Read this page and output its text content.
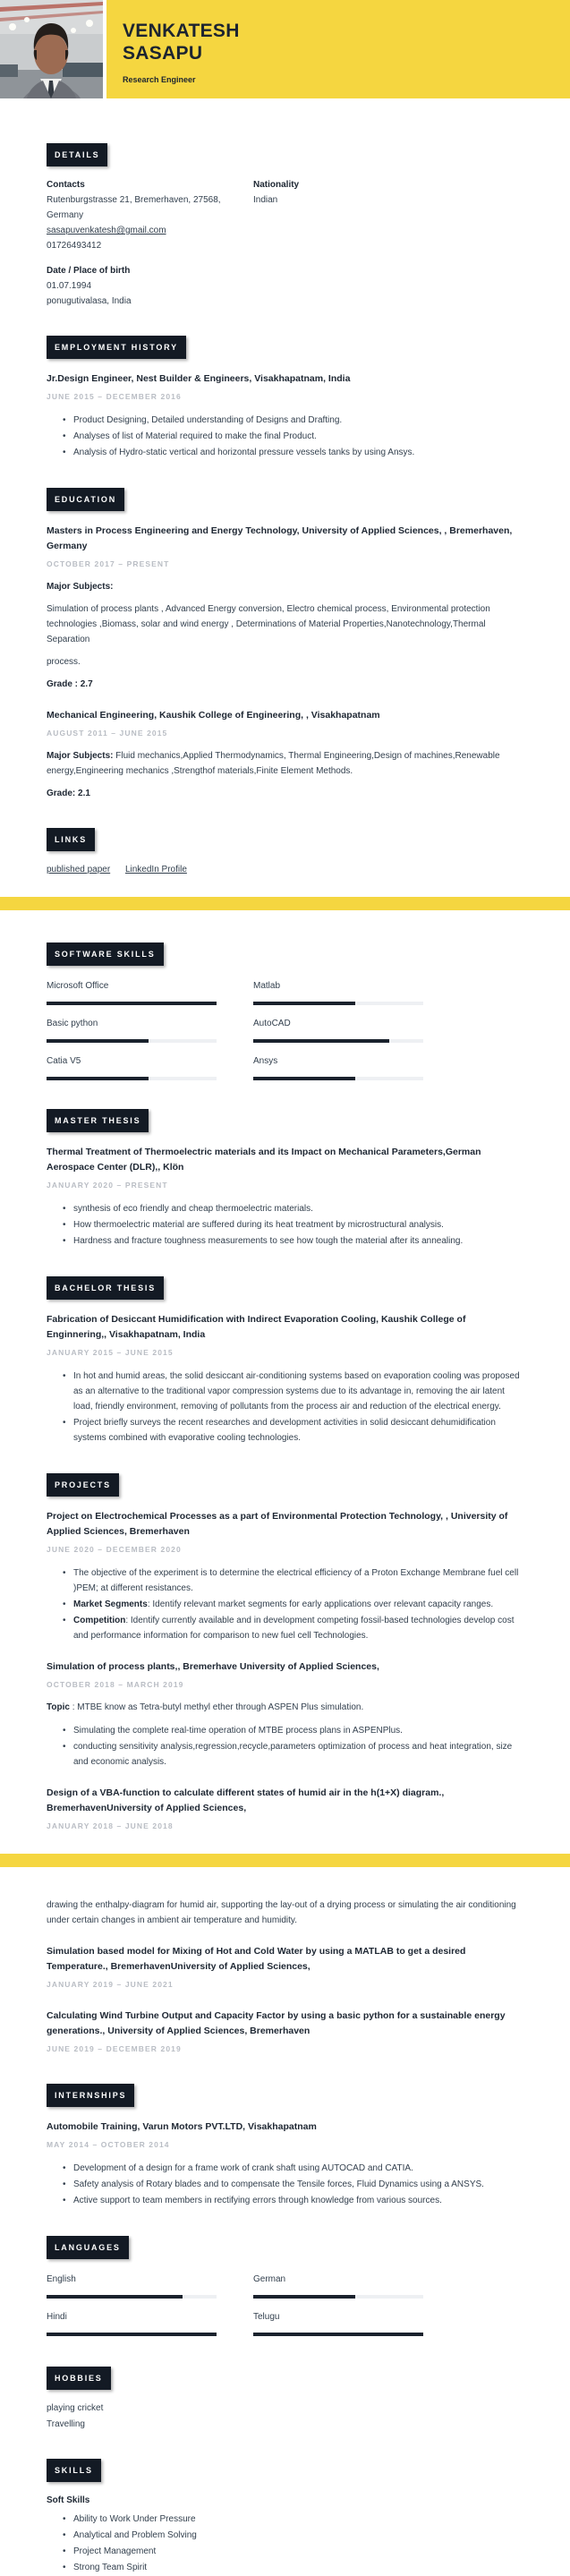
VENKATESH SASAPU
Research Engineer
DETAILS
Contacts
Rutenburgstrasse 21, Bremerhaven, 27568,
Germany
sasapuvenkatesh@gmail.com
01726493412
Date / Place of birth
01.07.1994
ponugutivalasa, India
Nationality
Indian
EMPLOYMENT HISTORY
Jr.Design Engineer, Nest Builder & Engineers, Visakhapatnam, India
JUNE 2015 – DECEMBER 2016
• Product Designing, Detailed understanding of Designs and Drafting.
• Analyses of list of Material required to make the final Product.
• Analysis of Hydro-static vertical and horizontal pressure vessels tanks by using Ansys.
EDUCATION
Masters in Process Engineering and Energy Technology, University of Applied Sciences, , Bremerhaven, Germany
OCTOBER 2017 – PRESENT

Major Subjects:

Simulation of process plants , Advanced Energy conversion, Electro chemical process, Environmental protection technologies ,Biomass, solar and wind energy , Determinations of Material Properties,Nanotechnology,Thermal Separation

process.

Grade : 2.7
Mechanical Engineering, Kaushik College of Engineering, , Visakhapatnam
AUGUST 2011 – JUNE 2015

Major Subjects: Fluid mechanics,Applied Thermodynamics, Thermal Engineering,Design of machines,Renewable energy,Engineering mechanics ,Strengthof materials,Finite Element Methods.

Grade: 2.1
LINKS
published paper LinkedIn Profile
SOFTWARE SKILLS
Microsoft Office	Matlab
Basic python	AutoCAD
Catia V5	Ansys
MASTER THESIS
Thermal Treatment of Thermoelectric materials and its Impact on Mechanical Parameters,German Aerospace Center (DLR),, Klön
JANUARY 2020 – PRESENT
• synthesis of eco friendly and cheap thermoelectric materials.
• How thermoelectric material are suffered during its heat treatment by microstructural analysis.
• Hardness and fracture toughness measurements to see how tough the material after its annealing.
BACHELOR THESIS
Fabrication of Desiccant Humidification with Indirect Evaporation Cooling, Kaushik College of Enginnering,, Visakhapatnam, India
JANUARY 2015 – JUNE 2015
• In hot and humid areas, the solid desiccant air-conditioning systems based on evaporation cooling was proposed as an alternative to the traditional vapor compression systems due to its advantage in, removing the air latent load, friendly environment, removing of pollutants from the process air and reduction of the electrical energy.
• Project briefly surveys the recent researches and development activities in solid desiccant dehumidification systems combined with evaporative cooling technologies.
PROJECTS
Project on Electrochemical Processes as a part of Environmental Protection Technology, , University of Applied Sciences, Bremerhaven
JUNE 2020 – DECEMBER 2020
• The objective of the experiment is to determine the electrical efficiency of a Proton Exchange Membrane fuel cell )PEM; at different resistances.
• Market Segments: Identify relevant market segments for early applications over relevant capacity ranges.
• Competition: Identify currently available and in development competing fossil-based technologies develop cost and performance information for comparison to new fuel cell Technologies.
Simulation of process plants,, Bremerhave University of Applied Sciences,
OCTOBER 2018 – MARCH 2019

Topic : MTBE know as Tetra-butyl methyl ether through ASPEN Plus simulation.

• Simulating the complete real-time operation of MTBE process plans in ASPENPlus.
• conducting sensitivity analysis,regression,recycle,parameters optimization of process and heat integration, size and economic analysis.
Design of a VBA-function to calculate different states of humid air in the h(1+X) diagram., BremerhavenUniversity of Applied Sciences,
JANUARY 2018 – JUNE 2018

drawing the enthalpy-diagram for humid air, supporting the lay-out of a drying process or simulating the air conditioning under certain changes in ambient air temperature and humidity.

Simulation based model for Mixing of Hot and Cold Water by using a MATLAB to get a desired Temperature., BremerhavenUniversity of Applied Sciences,
JANUARY 2019 – JUNE 2021
Calculating Wind Turbine Output and Capacity Factor by using a basic python for a sustainable energy generations., University of Applied Sciences, Bremerhaven
JUNE 2019 – DECEMBER 2019
INTERNSHIPS
Automobile Training, Varun Motors PVT.LTD, Visakhapatnam
MAY 2014 – OCTOBER 2014
• Development of a design for a frame work of crank shaft using AUTOCAD and CATIA.
• Safety analysis of Rotary blades and to compensate the Tensile forces, Fluid Dynamics using a ANSYS.
• Active support to team members in rectifying errors through knowledge from various sources.
LANGUAGES
English	German
Hindi	Telugu
HOBBIES
playing cricket
Travelling
SKILLS
Soft Skills
• Ability to Work Under Pressure
• Analytical and Problem Solving
• Project Management
• Strong Team Spirit
